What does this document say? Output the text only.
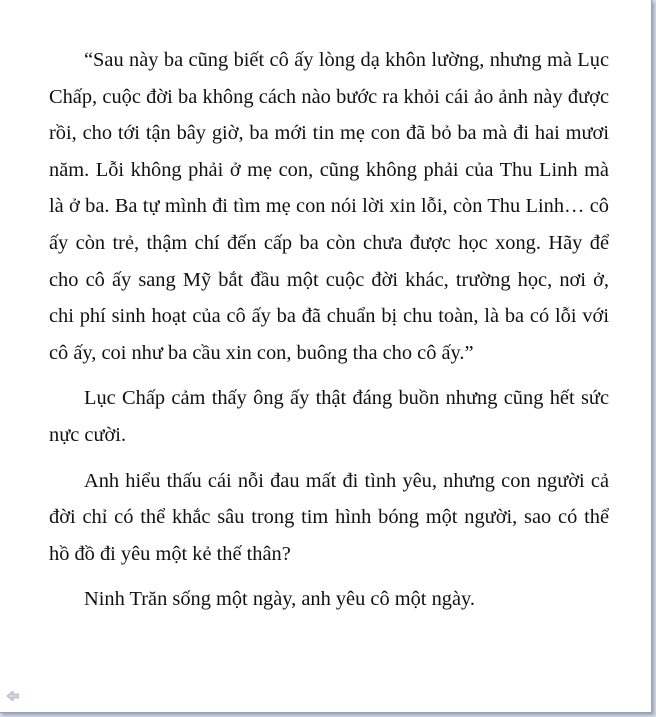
“Sau này ba cũng biết cô ấy lòng dạ khôn lường, nhưng mà Lục Chấp, cuộc đời ba không cách nào bước ra khỏi cái ảo ảnh này được rồi, cho tới tận bây giờ, ba mới tin mẹ con đã bỏ ba mà đi hai mươi năm. Lỗi không phải ở mẹ con, cũng không phải của Thu Linh mà là ở ba. Ba tự mình đi tìm mẹ con nói lời xin lỗi, còn Thu Linh… cô ấy còn trẻ, thậm chí đến cấp ba còn chưa được học xong. Hãy để cho cô ấy sang Mỹ bắt đầu một cuộc đời khác, trường học, nơi ở, chi phí sinh hoạt của cô ấy ba đã chuẩn bị chu toàn, là ba có lỗi với cô ấy, coi như ba cầu xin con, buông tha cho cô ấy.”

Lục Chấp cảm thấy ông ấy thật đáng buồn nhưng cũng hết sức nực cười.

Anh hiểu thấu cái nỗi đau mất đi tình yêu, nhưng con người cả đời chỉ có thể khắc sâu trong tim hình bóng một người, sao có thể hồ đồ đi yêu một kẻ thế thân?

Ninh Trăn sống một ngày, anh yêu cô một ngày.
